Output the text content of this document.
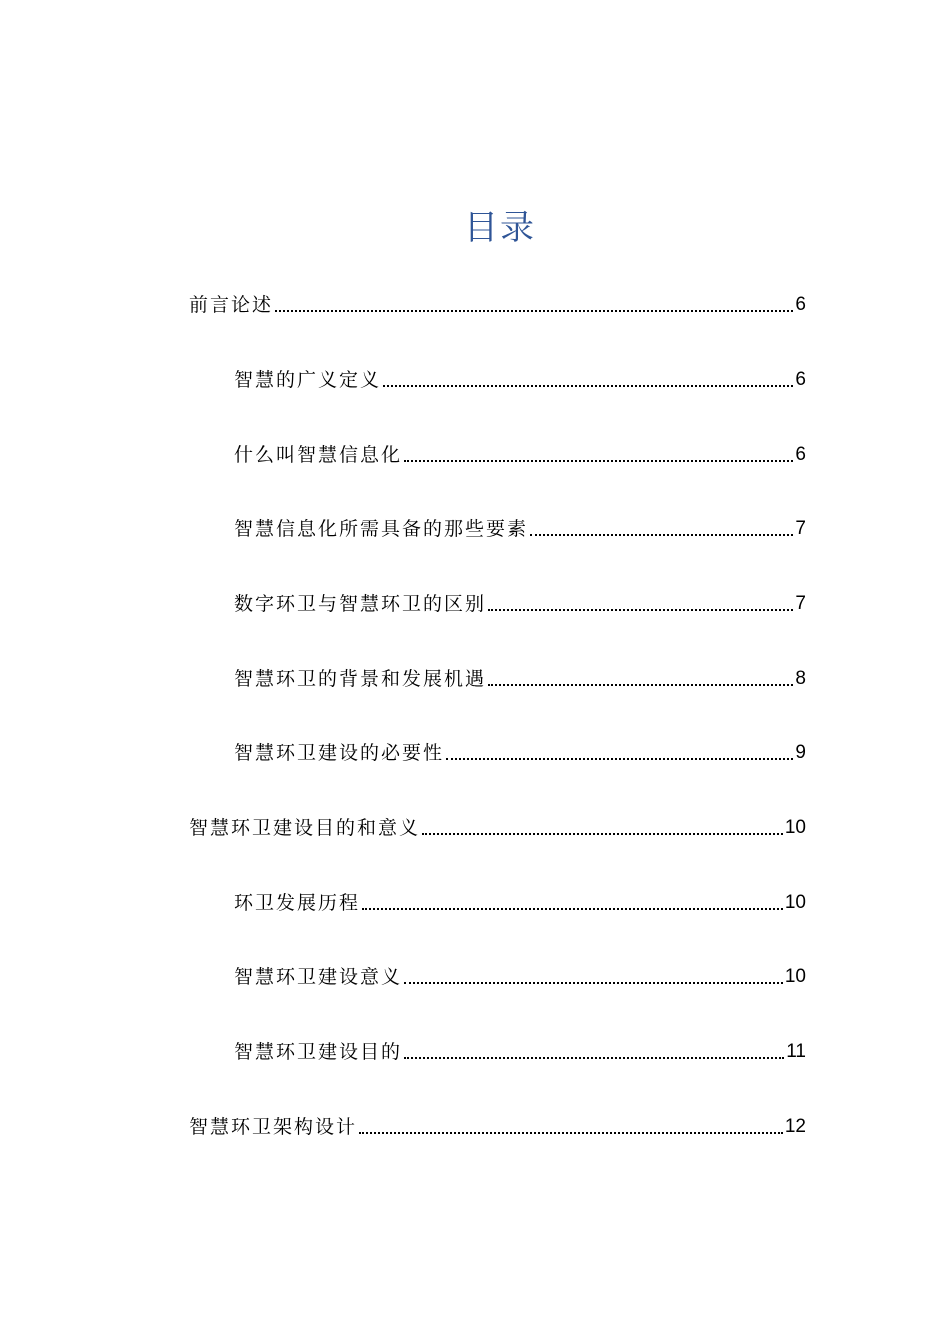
目录
前言论述	6
智慧的广义定义	6
什么叫智慧信息化	6
智慧信息化所需具备的那些要素	7
数字环卫与智慧环卫的区别	7
智慧环卫的背景和发展机遇	8
智慧环卫建设的必要性	9
智慧环卫建设目的和意义	10
环卫发展历程	10
智慧环卫建设意义	10
智慧环卫建设目的	11
智慧环卫架构设计	12
